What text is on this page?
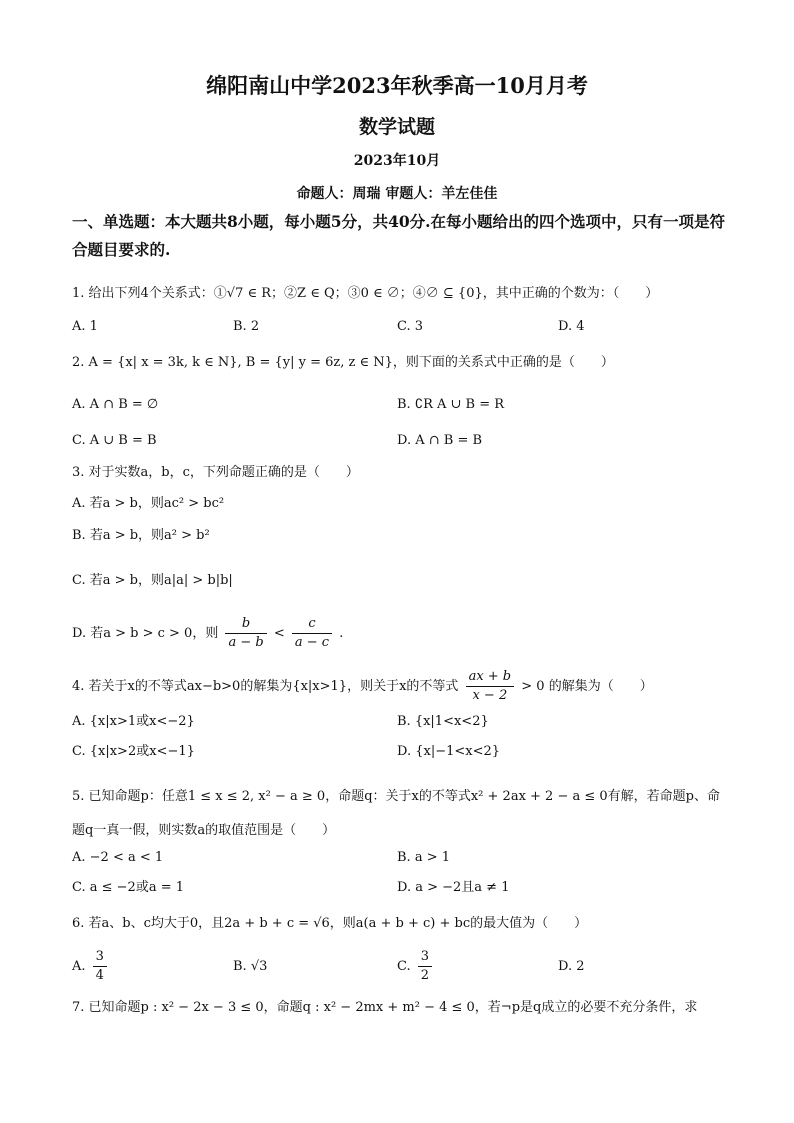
绵阳南山中学2023年秋季高一10月月考
数学试题
2023年10月
命题人：周瑞 审题人：羊左佳佳
一、单选题：本大题共8小题，每小题5分，共40分.在每小题给出的四个选项中，只有一项是符合题目要求的.
1. 给出下列4个关系式：①√7 ∈ R；②Z ∈ Q；③0 ∈ ∅；④∅ ⊆ {0}，其中正确的个数为：（　　）
A. 1	B. 2	C. 3	D. 4
2. A = {x| x = 3k, k ∈ N}, B = {y| y = 6z, z ∈ N}，则下面的关系式中正确的是（　　）
A. A ∩ B = ∅	B. ∁R A ∪ B = R
C. A ∪ B = B	D. A ∩ B = B
3. 对于实数a，b，c，下列命题正确的是（　　）
A. 若a > b，则ac² > bc²
B. 若a > b，则a² > b²
C. 若a > b，则a|a| > b|b|
D. 若a > b > c > 0，则 $\frac{b}{a - b} < \frac{c}{a - c}$ .
4. 若关于x的不等式ax−b>0的解集为{x|x>1}，则关于x的不等式 $\frac{ax + b}{x - 2} > 0$ 的解集为（　　）
A. {x|x>1或x<−2}	B. {x|1<x<2}
C. {x|x>2或x<−1}	D. {x|−1<x<2}
5. 已知命题p：任意1 ≤ x ≤ 2, x² − a ≥ 0，命题q：关于x的不等式x² + 2ax + 2 − a ≤ 0有解，若命题p、命题q一真一假，则实数a的取值范围是（　　）
A. −2 < a < 1	B. a > 1
C. a ≤ −2或a = 1	D. a > −2且a ≠ 1
6. 若a、b、c均大于0，且2a + b + c = √6，则a(a + b + c) + bc的最大值为（　　）
A. $\frac{3}{4}$	B. √3	C. $\frac{3}{2}$	D. 2
7. 已知命题p : x² − 2x − 3 ≤ 0，命题q : x² − 2mx + m² − 4 ≤ 0，若¬p是q成立的必要不充分条件，求
